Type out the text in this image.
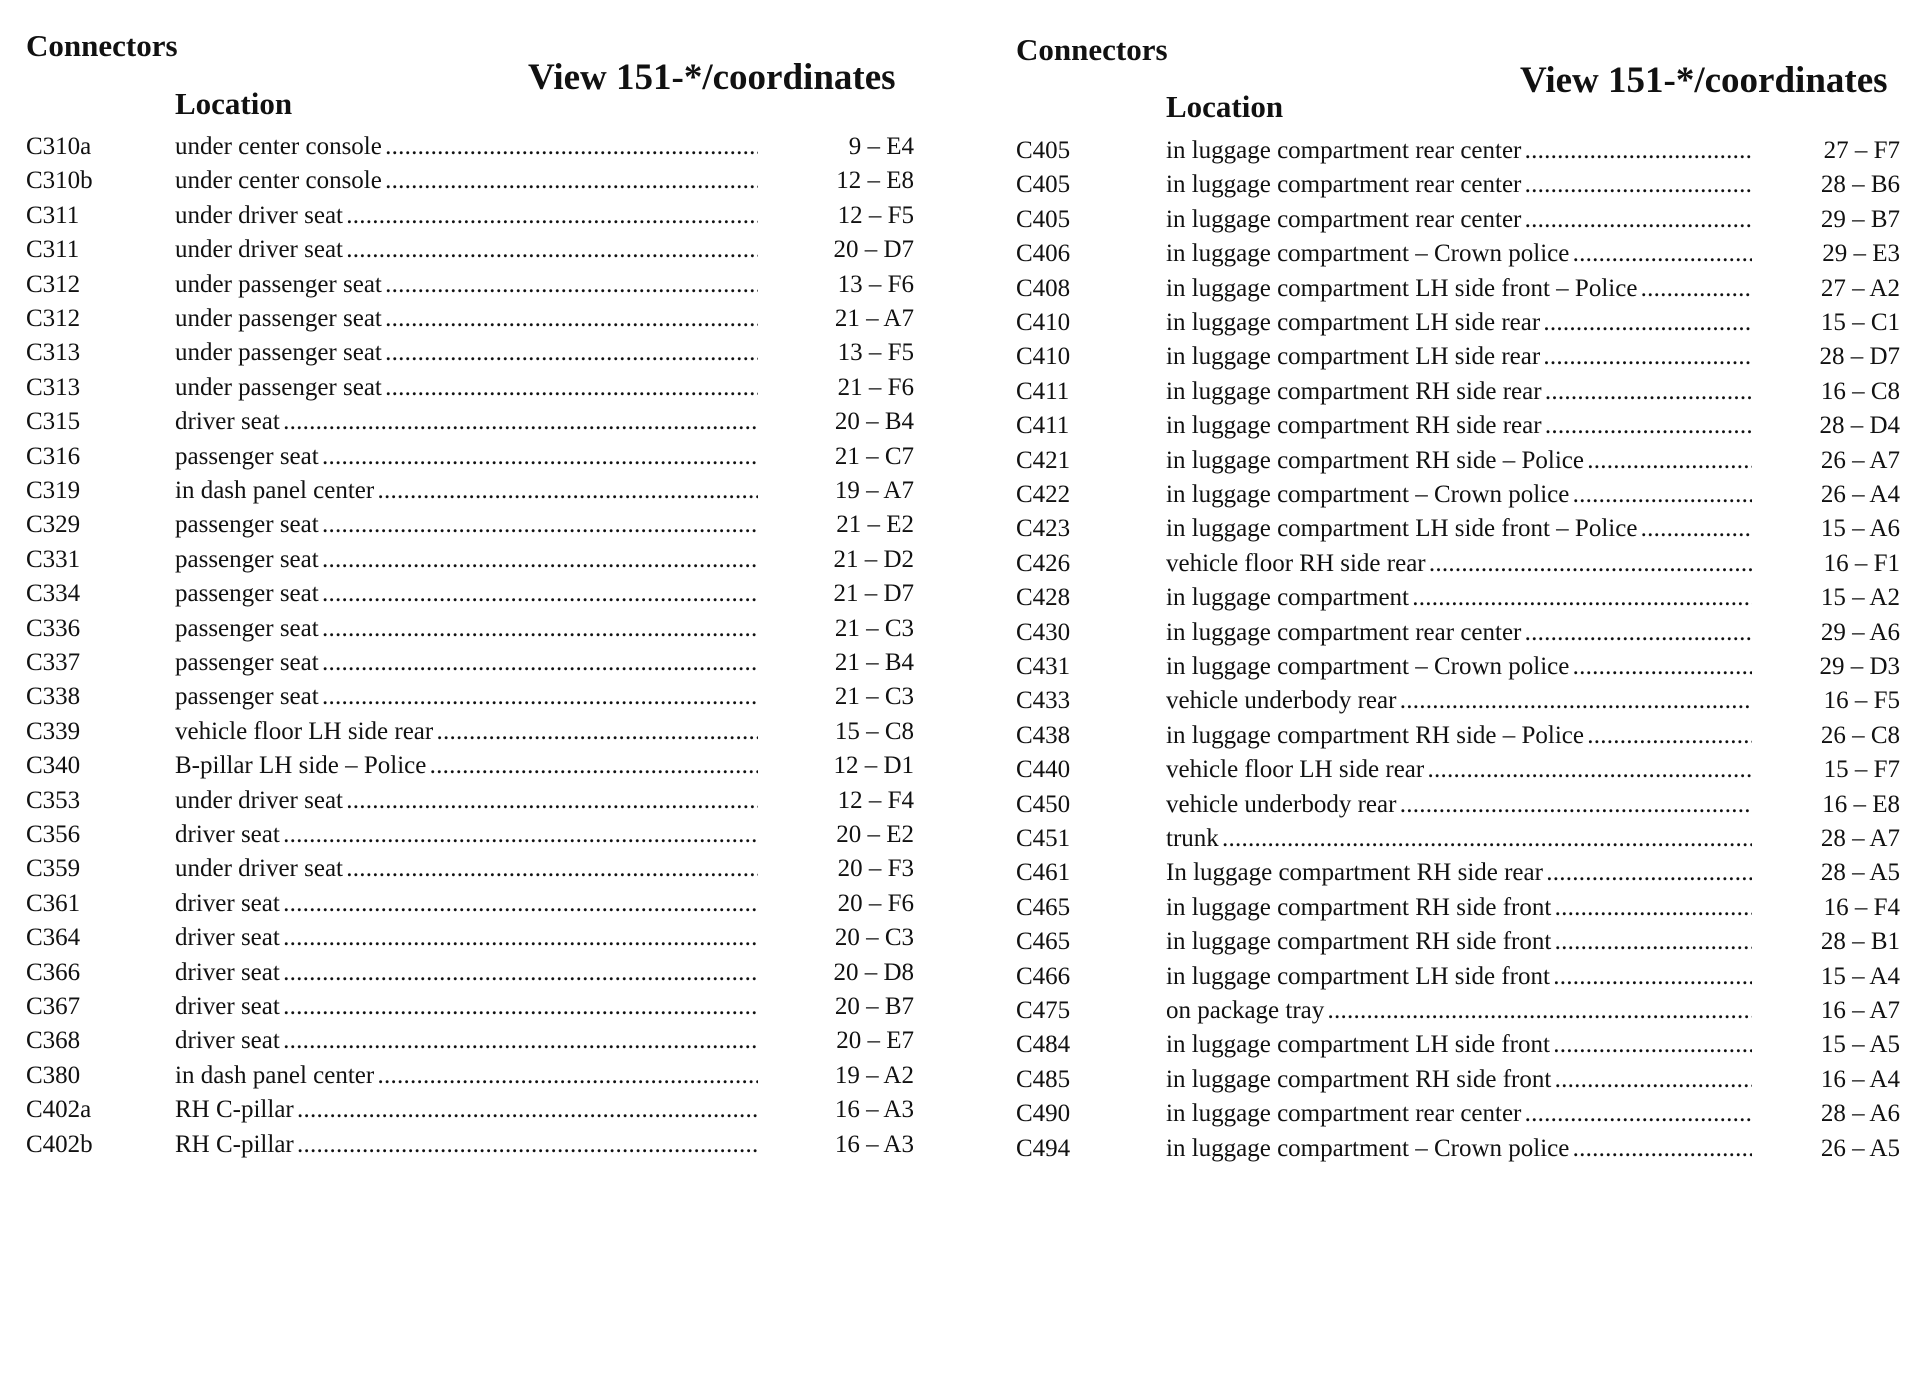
Connectors
Location
View 151-*/coordinates
C310a	under center console . . .	9 – E4
C310b	under center console . . .	12 – E8
C311	under driver seat . . .	12 – F5
C311	under driver seat . . .	20 – D7
C312	under passenger seat . . .	13 – F6
C312	under passenger seat . . .	21 – A7
C313	under passenger seat . . .	13 – F5
C313	under passenger seat . . .	21 – F6
C315	driver seat . . .	20 – B4
C316	passenger seat . . .	21 – C7
C319	in dash panel center . . .	19 – A7
C329	passenger seat . . .	21 – E2
C331	passenger seat . . .	21 – D2
C334	passenger seat . . .	21 – D7
C336	passenger seat . . .	21 – C3
C337	passenger seat . . .	21 – B4
C338	passenger seat . . .	21 – C3
C339	vehicle floor LH side rear . . .	15 – C8
C340	B-pillar LH side – Police . . .	12 – D1
C353	under driver seat . . .	12 – F4
C356	driver seat . . .	20 – E2
C359	under driver seat . . .	20 – F3
C361	driver seat . . .	20 – F6
C364	driver seat . . .	20 – C3
C366	driver seat . . .	20 – D8
C367	driver seat . . .	20 – B7
C368	driver seat . . .	20 – E7
C380	in dash panel center . . .	19 – A2
C402a	RH C-pillar . . .	16 – A3
C402b	RH C-pillar . . .	16 – A3
Connectors
Location
View 151-*/coordinates
C405	in luggage compartment rear center . . .	27 – F7
C405	in luggage compartment rear center . . .	28 – B6
C405	in luggage compartment rear center . . .	29 – B7
C406	in luggage compartment – Crown police . . .	29 – E3
C408	in luggage compartment LH side front – Police . . .	27 – A2
C410	in luggage compartment LH side rear . . .	15 – C1
C410	in luggage compartment LH side rear . . .	28 – D7
C411	in luggage compartment RH side rear . . .	16 – C8
C411	in luggage compartment RH side rear . . .	28 – D4
C421	in luggage compartment RH side – Police . . .	26 – A7
C422	in luggage compartment – Crown police . . .	26 – A4
C423	in luggage compartment LH side front – Police . . .	15 – A6
C426	vehicle floor RH side rear . . .	16 – F1
C428	in luggage compartment . . .	15 – A2
C430	in luggage compartment rear center . . .	29 – A6
C431	in luggage compartment – Crown police . . .	29 – D3
C433	vehicle underbody rear . . .	16 – F5
C438	in luggage compartment RH side – Police . . .	26 – C8
C440	vehicle floor LH side rear . . .	15 – F7
C450	vehicle underbody rear . . .	16 – E8
C451	trunk . . .	28 – A7
C461	In luggage compartment RH side rear . . .	28 – A5
C465	in luggage compartment RH side front . . .	16 – F4
C465	in luggage compartment RH side front . . .	28 – B1
C466	in luggage compartment LH side front . . .	15 – A4
C475	on package tray . . .	16 – A7
C484	in luggage compartment LH side front . . .	15 – A5
C485	in luggage compartment RH side front . . .	16 – A4
C490	in luggage compartment rear center . . .	28 – A6
C494	in luggage compartment – Crown police . . .	26 – A5
